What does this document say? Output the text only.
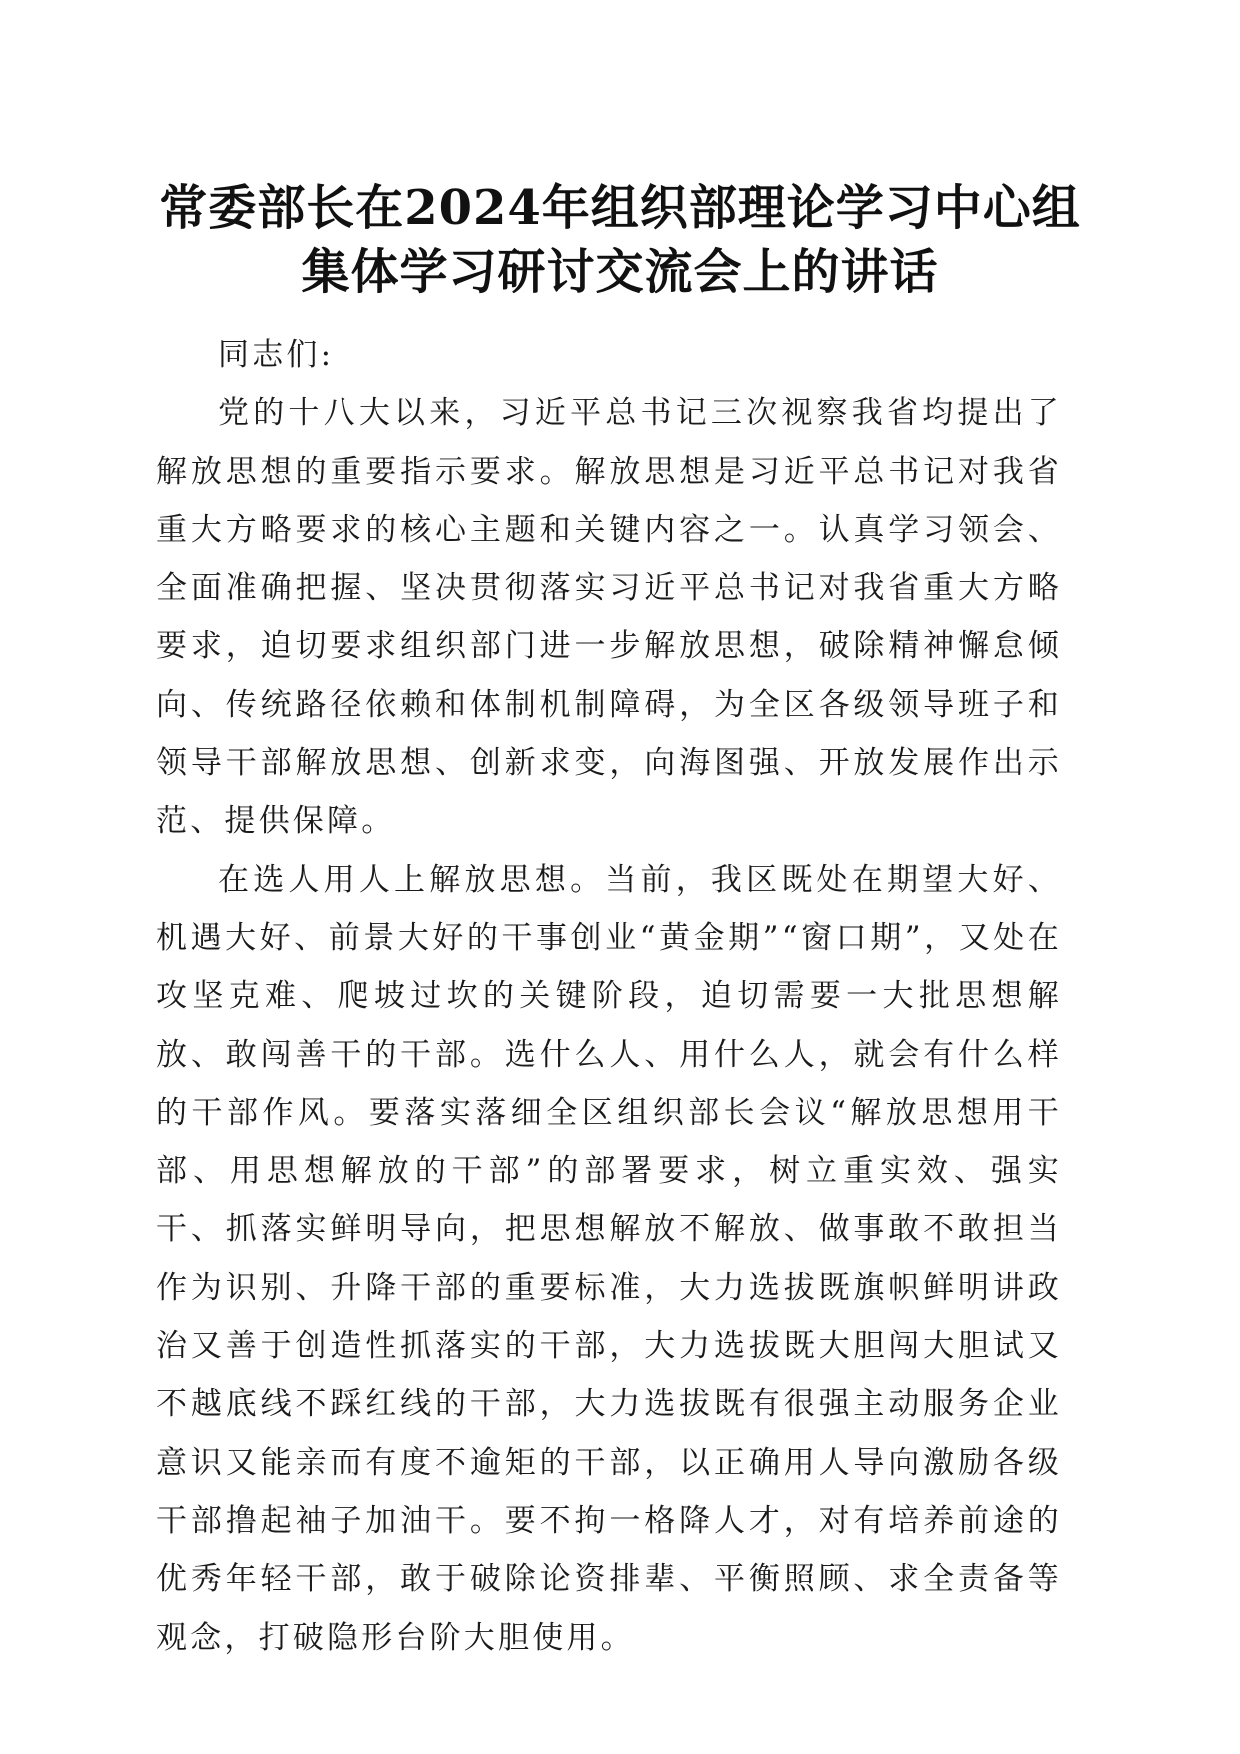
常委部长在2024年组织部理论学习中心组集体学习研讨交流会上的讲话

同志们:

党的十八大以来，习近平总书记三次视察我省均提出了解放思想的重要指示要求。解放思想是习近平总书记对我省重大方略要求的核心主题和关键内容之一。认真学习领会、全面准确把握、坚决贯彻落实习近平总书记对我省重大方略要求，迫切要求组织部门进一步解放思想，破除精神懈怠倾向、传统路径依赖和体制机制障碍，为全区各级领导班子和领导干部解放思想、创新求变，向海图强、开放发展作出示范、提供保障。

在选人用人上解放思想。当前，我区既处在期望大好、机遇大好、前景大好的干事创业“黄金期”“窗口期”，又处在攻坚克难、爬坡过坎的关键阶段，迫切需要一大批思想解放、敢闯善干的干部。选什么人、用什么人，就会有什么样的干部作风。要落实落细全区组织部长会议“解放思想用干部、用思想解放的干部”的部署要求，树立重实效、强实干、抓落实鲜明导向，把思想解放不解放、做事敢不敢担当作为识别、升降干部的重要标准，大力选拔既旗帜鲜明讲政治又善于创造性抓落实的干部，大力选拔既大胆闯大胆试又不越底线不踩红线的干部，大力选拔既有很强主动服务企业意识又能亲而有度不逾矩的干部，以正确用人导向激励各级干部撸起袖子加油干。要不拘一格降人才，对有培养前途的优秀年轻干部，敢于破除论资排辈、平衡照顾、求全责备等观念，打破隐形台阶大胆使用。
